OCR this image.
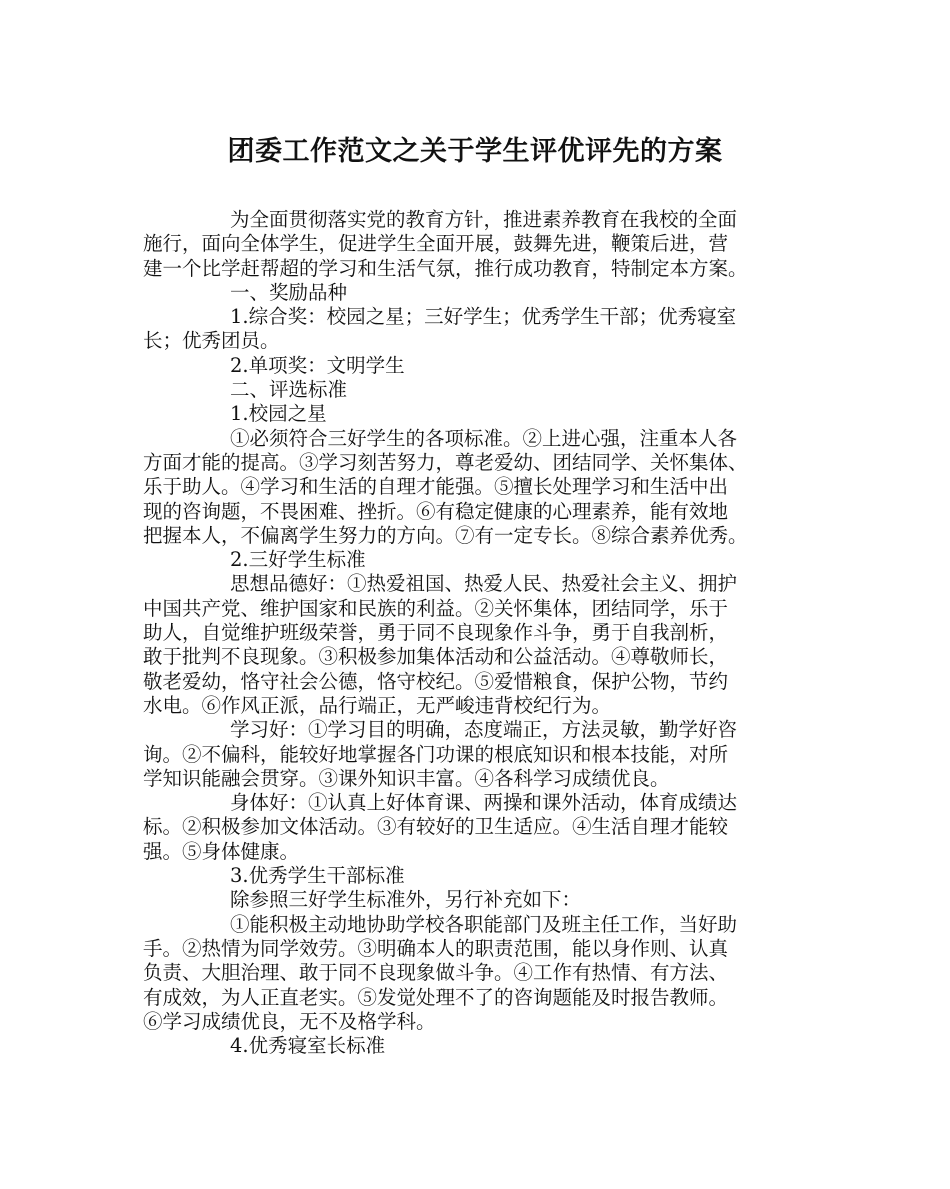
团委工作范文之关于学生评优评先的方案
为全面贯彻落实党的教育方针，推进素养教育在我校的全面
施行，面向全体学生，促进学生全面开展，鼓舞先进，鞭策后进，营
建一个比学赶帮超的学习和生活气氛，推行成功教育，特制定本方案。
一、奖励品种
1.综合奖：校园之星；三好学生；优秀学生干部；优秀寝室
长；优秀团员。
2.单项奖：文明学生
二、评选标准
1.校园之星
①必须符合三好学生的各项标准。②上进心强，注重本人各
方面才能的提高。③学习刻苦努力，尊老爱幼、团结同学、关怀集体、
乐于助人。④学习和生活的自理才能强。⑤擅长处理学习和生活中出
现的咨询题，不畏困难、挫折。⑥有稳定健康的心理素养，能有效地
把握本人，不偏离学生努力的方向。⑦有一定专长。⑧综合素养优秀。
2.三好学生标准
思想品德好：①热爱祖国、热爱人民、热爱社会主义、拥护
中国共产党、维护国家和民族的利益。②关怀集体，团结同学，乐于
助人，自觉维护班级荣誉，勇于同不良现象作斗争，勇于自我剖析，
敢于批判不良现象。③积极参加集体活动和公益活动。④尊敬师长，
敬老爱幼，恪守社会公德，恪守校纪。⑤爱惜粮食，保护公物，节约
水电。⑥作风正派，品行端正，无严峻违背校纪行为。
学习好：①学习目的明确，态度端正，方法灵敏，勤学好咨
询。②不偏科，能较好地掌握各门功课的根底知识和根本技能，对所
学知识能融会贯穿。③课外知识丰富。④各科学习成绩优良。
身体好：①认真上好体育课、两操和课外活动，体育成绩达
标。②积极参加文体活动。③有较好的卫生适应。④生活自理才能较
强。⑤身体健康。
3.优秀学生干部标准
除参照三好学生标准外，另行补充如下：
①能积极主动地协助学校各职能部门及班主任工作，当好助
手。②热情为同学效劳。③明确本人的职责范围，能以身作则、认真
负责、大胆治理、敢于同不良现象做斗争。④工作有热情、有方法、
有成效，为人正直老实。⑤发觉处理不了的咨询题能及时报告教师。
⑥学习成绩优良，无不及格学科。
4.优秀寝室长标准
